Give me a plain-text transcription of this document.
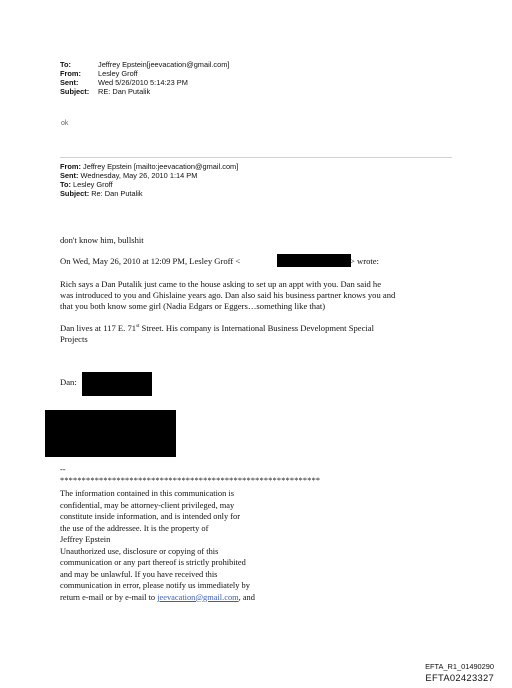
To:	Jeffrey Epstein[jeevacation@gmail.com]
From: Lesley Groff
Sent:	Wed 5/26/2010 5:14:23 PM
Subject: RE: Dan Putalik
ok
From: Jeffrey Epstein [mailto:jeevacation@gmail.com]
Sent: Wednesday, May 26, 2010 1:14 PM
To: Lesley Groff
Subject: Re: Dan Putalik
don't know him, bullshit
On Wed, May 26, 2010 at 12:09 PM, Lesley Groff <	> wrote:
Rich says a Dan Putalik just came to the house asking to set up an appt with you. Dan said he
was introduced to you and Ghislaine years ago. Dan also said his business partner knows you and
that you both know some girl (Nadia Edgars or Eggers…something like that)
Dan lives at 117 E. 71st Street. His company is International Business Development Special
Projects
Dan:
--
************************************************************
The information contained in this communication is
confidential, may be attorney-client privileged, may
constitute inside information, and is intended only for
the use of the addressee. It is the property of
Jeffrey Epstein
Unauthorized use, disclosure or copying of this
communication or any part thereof is strictly prohibited
and may be unlawful. If you have received this
communication in error, please notify us immediately by
return e-mail or by e-mail to jeevacation@gmail.com, and
EFTA_R1_01490290
EFTA02423327
